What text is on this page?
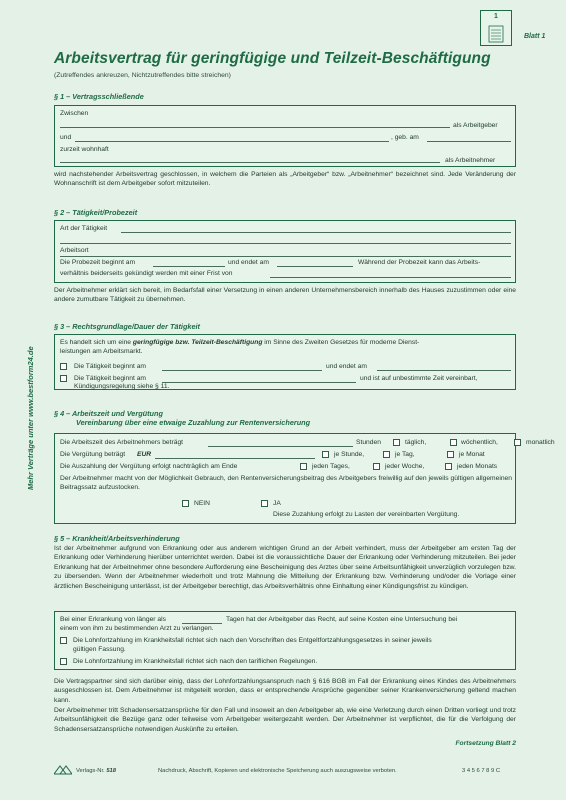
1
Blatt 1
Arbeitsvertrag für geringfügige und Teilzeit-Beschäftigung
(Zutreffendes ankreuzen, Nichtzutreffendes bitte streichen)
Mehr Verträge unter www.bestform24.de
§ 1 – Vertragsschließende
Zwischen
als Arbeitgeber
und	, geb. am
zurzeit wohnhaft
als Arbeitnehmer
wird nachstehender Arbeitsvertrag geschlossen, in welchem die Parteien als „Arbeitgeber“ bzw. „Arbeitnehmer“ bezeichnet sind. Jede Veränderung der Wohnanschrift ist dem Arbeitgeber sofort mitzuteilen.
§ 2 – Tätigkeit/Probezeit
Art der Tätigkeit
Arbeitsort
Die Probezeit beginnt am	und endet am	Während der Probezeit kann das Arbeits-
verhältnis beiderseits gekündigt werden mit einer Frist von
Der Arbeitnehmer erklärt sich bereit, im Bedarfsfall einer Versetzung in einen anderen Unternehmensbereich innerhalb des Hauses zuzustimmen oder eine andere zumutbare Tätigkeit zu übernehmen.
§ 3 – Rechtsgrundlage/Dauer der Tätigkeit
Es handelt sich um eine geringfügige bzw. Teilzeit-Beschäftigung im Sinne des Zweiten Gesetzes für moderne Dienst-
leistungen am Arbeitsmarkt.
Die Tätigkeit beginnt am	und endet am
Die Tätigkeit beginnt am	und ist auf unbestimmte Zeit vereinbart,
Kündigungsregelung siehe § 11.
§ 4 – Arbeitszeit und Vergütung
Vereinbarung über eine etwaige Zuzahlung zur Rentenversicherung
Die Arbeitszeit des Arbeitnehmers beträgt	Stunden	täglich,	wöchentlich,	monatlich
Die Vergütung beträgt EUR	je Stunde,	je Tag,	je Monat
Die Auszahlung der Vergütung erfolgt nachträglich am Ende	jeden Tages,	jeder Woche,	jeden Monats
Der Arbeitnehmer macht von der Möglichkeit Gebrauch, den Rentenversicherungsbeitrag des Arbeitgebers freiwillig auf den jeweils gültigen allgemeinen Beitragssatz aufzustocken.
NEIN	JA
Diese Zuzahlung erfolgt zu Lasten der vereinbarten Vergütung.
§ 5 – Krankheit/Arbeitsverhinderung
Ist der Arbeitnehmer aufgrund von Erkrankung oder aus anderem wichtigen Grund an der Arbeit verhindert, muss der Arbeitgeber am ersten Tag der Erkrankung oder Verhinderung hierüber unterrichtet werden. Dabei ist die voraussichtliche Dauer der Erkrankung oder Verhinderung mitzuteilen. Bei jeder Erkrankung hat der Arbeitnehmer ohne besondere Aufforderung eine Bescheinigung des Arztes über seine Arbeitsunfähigkeit unverzüglich vorzulegen bzw. zu übersenden. Wenn der Arbeitnehmer wiederholt und trotz Mahnung die Mitteilung der Erkrankung bzw. Verhinderung und/oder die Vorlage einer ärztlichen Bescheinigung unterlässt, ist der Arbeitgeber berechtigt, das Arbeitsverhältnis ohne Einhaltung einer Kündigungsfrist zu kündigen.
Bei einer Erkrankung von länger als	Tagen hat der Arbeitgeber das Recht, auf seine Kosten eine Untersuchung bei
einem von ihm zu bestimmenden Arzt zu verlangen.
Die Lohnfortzahlung im Krankheitsfall richtet sich nach den Vorschriften des Entgeltfortzahlungsgesetzes in seiner jeweils
gültigen Fassung.
Die Lohnfortzahlung im Krankheitsfall richtet sich nach den tariflichen Regelungen.
Die Vertragspartner sind sich darüber einig, dass der Lohnfortzahlungsanspruch nach § 616 BGB im Fall der Erkrankung eines Kindes des Arbeitnehmers ausgeschlossen ist. Dem Arbeitnehmer ist mitgeteilt worden, dass er entsprechende Ansprüche gegenüber seiner Krankenversicherung geltend machen kann.
Der Arbeitnehmer tritt Schadensersatzansprüche für den Fall und insoweit an den Arbeitgeber ab, wie eine Verletzung durch einen Dritten vorliegt und trotz Arbeitsunfähigkeit die Bezüge ganz oder teilweise vom Arbeitgeber weitergezahlt werden. Der Arbeitnehmer ist verpflichtet, die für die Verfolgung der Schadensersatzansprüche notwendigen Auskünfte zu erteilen.
Fortsetzung Blatt 2
Verlags-Nr. 518	Nachdruck, Abschrift, Kopieren und elektronische Speicherung auch auszugsweise verboten.	3 4 5 6 7 8 9 C
